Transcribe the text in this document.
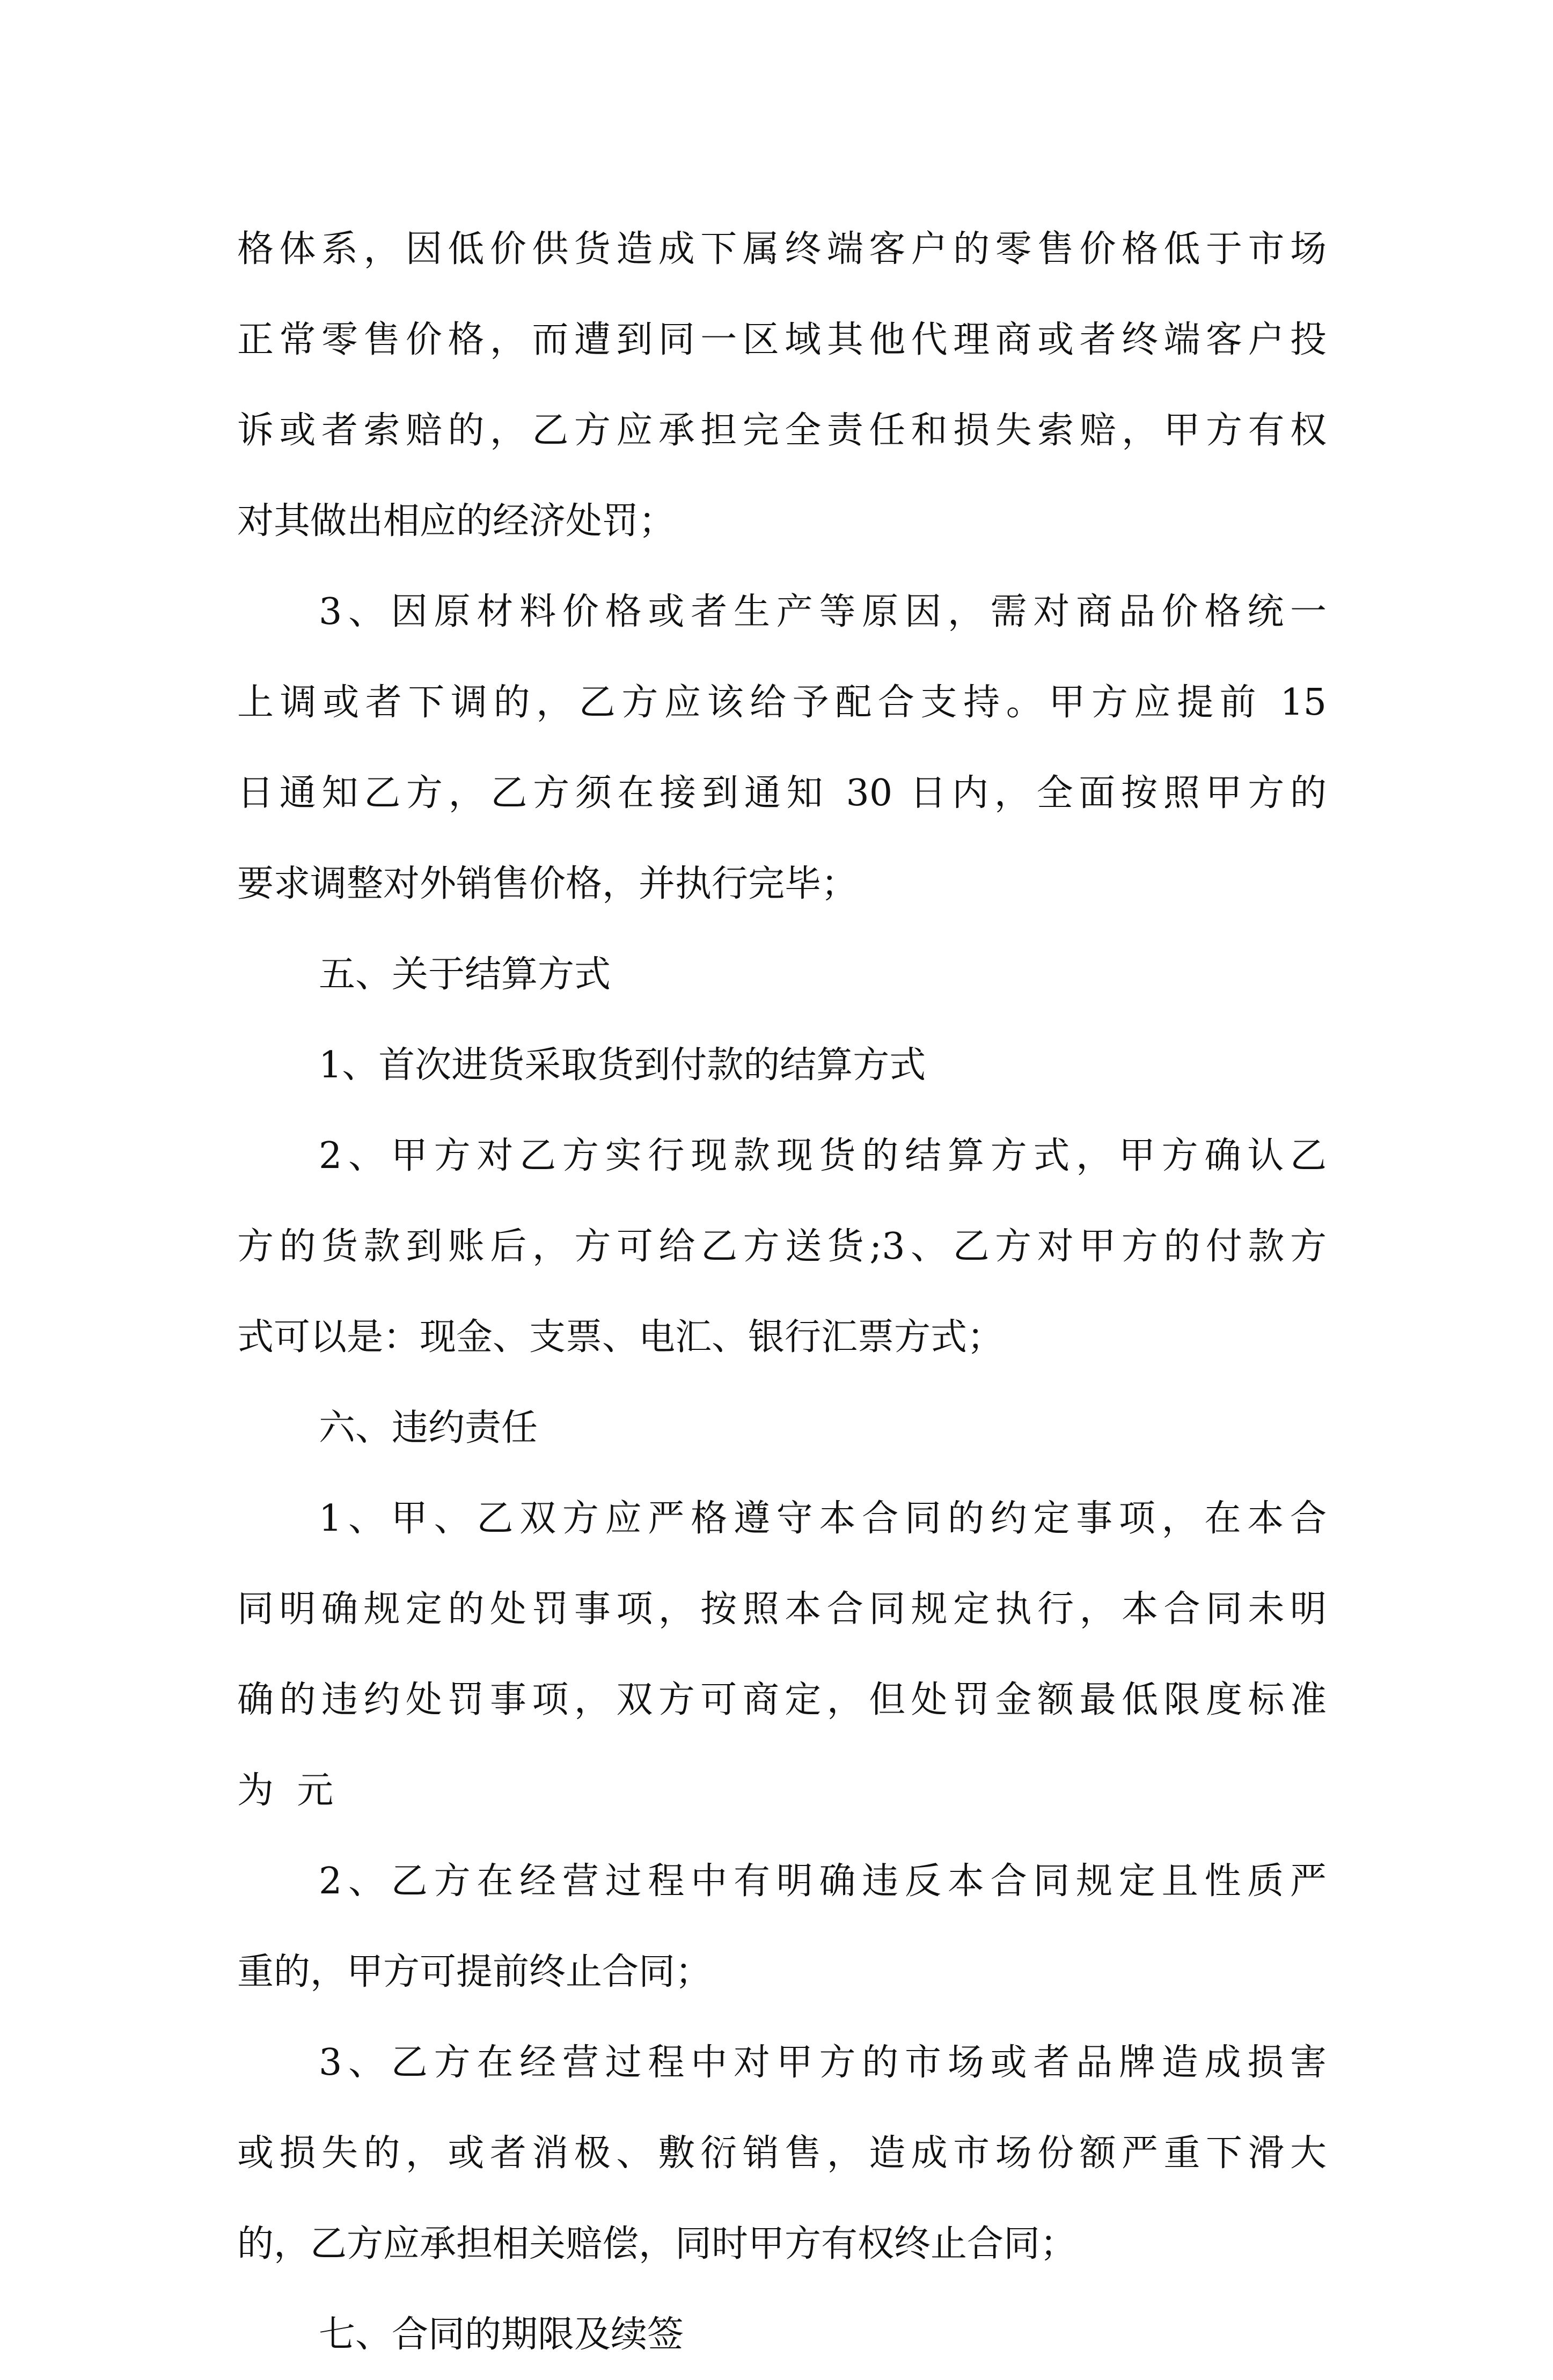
格体系，因低价供货造成下属终端客户的零售价格低于市场
正常零售价格，而遭到同一区域其他代理商或者终端客户投
诉或者索赔的，乙方应承担完全责任和损失索赔，甲方有权
对其做出相应的经济处罚；
3、因原材料价格或者生产等原因，需对商品价格统一
上调或者下调的，乙方应该给予配合支持。甲方应提前 15
日通知乙方，乙方须在接到通知 30 日内，全面按照甲方的
要求调整对外销售价格，并执行完毕；
五、关于结算方式
1、首次进货采取货到付款的结算方式
2、甲方对乙方实行现款现货的结算方式，甲方确认乙
方的货款到账后，方可给乙方送货;3、乙方对甲方的付款方
式可以是：现金、支票、电汇、银行汇票方式；
六、违约责任
1、甲、乙双方应严格遵守本合同的约定事项，在本合
同明确规定的处罚事项，按照本合同规定执行，本合同未明
确的违约处罚事项，双方可商定，但处罚金额最低限度标准
为  元
2、乙方在经营过程中有明确违反本合同规定且性质严
重的，甲方可提前终止合同；
3、乙方在经营过程中对甲方的市场或者品牌造成损害
或损失的，或者消极、敷衍销售，造成市场份额严重下滑大
的，乙方应承担相关赔偿，同时甲方有权终止合同；
七、合同的期限及续签
